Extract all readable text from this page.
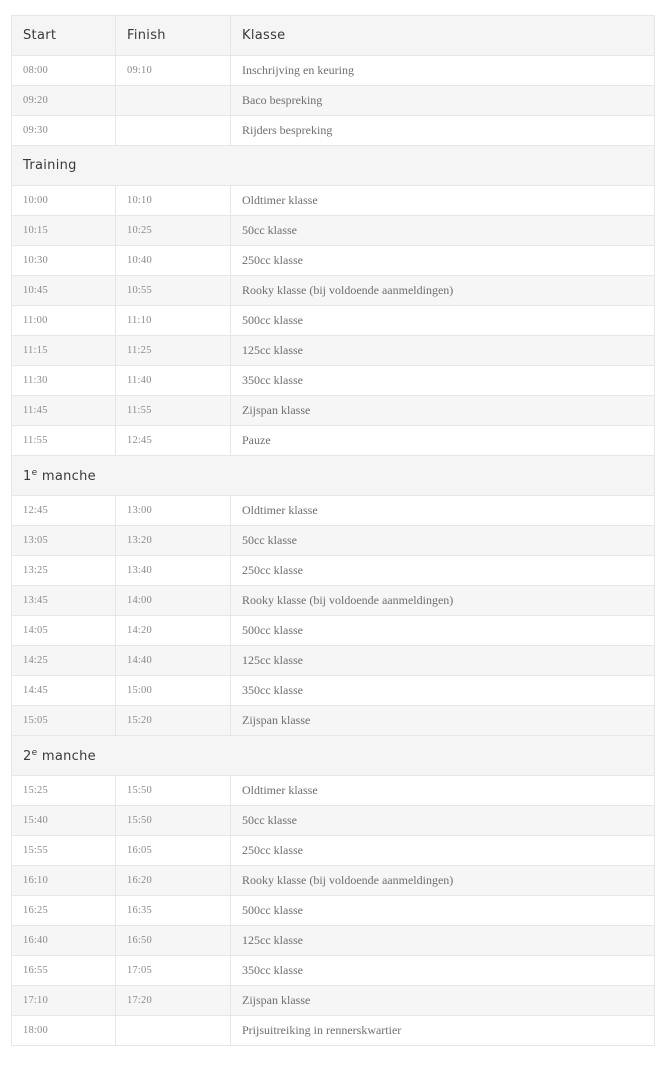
Start	Finish	Klasse
08:00	09:10	Inschrijving en keuring
09:20		Baco bespreking
09:30		Rijders bespreking
Training		
10:00	10:10	Oldtimer klasse
10:15	10:25	50cc klasse
10:30	10:40	250cc klasse
10:45	10:55	Rooky klasse (bij voldoende aanmeldingen)
11:00	11:10	500cc klasse
11:15	11:25	125cc klasse
11:30	11:40	350cc klasse
11:45	11:55	Zijspan klasse
11:55	12:45	Pauze
1e manche		
12:45	13:00	Oldtimer klasse
13:05	13:20	50cc klasse
13:25	13:40	250cc klasse
13:45	14:00	Rooky klasse (bij voldoende aanmeldingen)
14:05	14:20	500cc klasse
14:25	14:40	125cc klasse
14:45	15:00	350cc klasse
15:05	15:20	Zijspan klasse
2e manche		
15:25	15:50	Oldtimer klasse
15:40	15:50	50cc klasse
15:55	16:05	250cc klasse
16:10	16:20	Rooky klasse (bij voldoende aanmeldingen)
16:25	16:35	500cc klasse
16:40	16:50	125cc klasse
16:55	17:05	350cc klasse
17:10	17:20	Zijspan klasse
18:00		Prijsuitreiking in rennerskwartier
